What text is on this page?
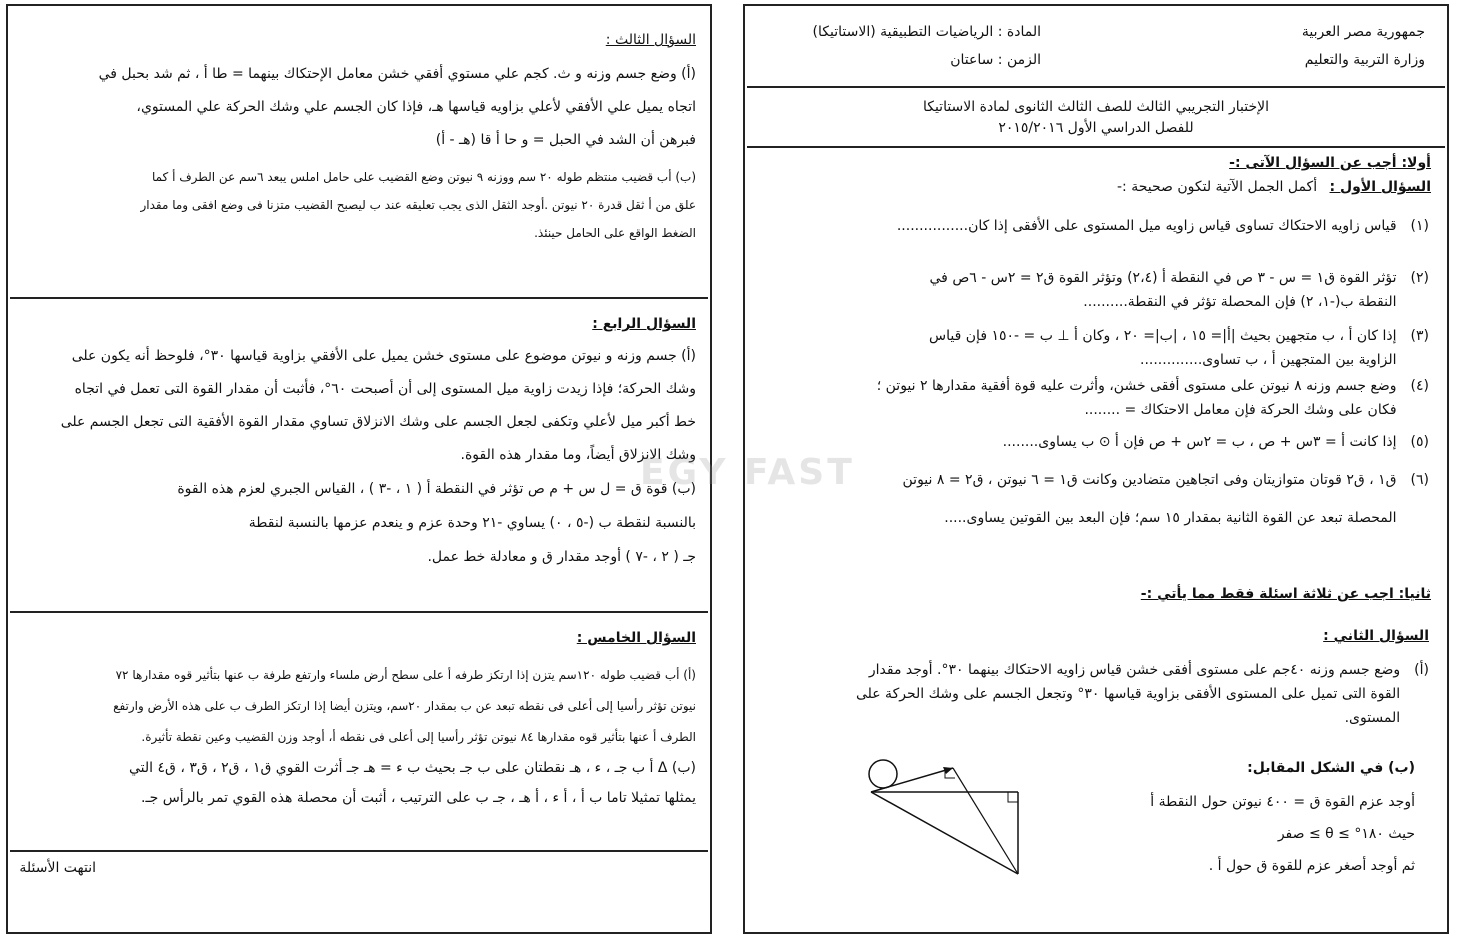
جمهورية مصر العربية
وزارة التربية والتعليم
المادة : الرياضيات التطبيقية (الاستاتيكا)
الزمن : ساعتان
الإختبار التجريبي الثالث للصف الثالث الثانوى لمادة الاستاتيكا
للفصل الدراسي الأول ٢٠١٥/٢٠١٦
أولا: أجب عن السؤال الآتى :-
السؤال الأول : أكمل الجمل الآتية لتكون صحيحة :-
(١)
قياس زاويه الاحتكاك تساوى قياس زاويه ميل المستوى على الأفقى إذا كان................
(٢)
تؤثر القوة ق١ = س - ٣ ص في النقطة أ (٢،٤) وتؤثر القوة ق٢ = ٢س - ٦ص في
النقطة ب(-١، ٢) فإن المحصلة تؤثر في النقطة..........
(٣)
إذا كان أ ، ب متجهين بحيث |أ|= ١٥ ، |ب|= ٢٠ ، وكان أ ⊥ ب = -١٥٠ فإن قياس
الزاوية بين المتجهين أ ، ب تساوى..............
(٤)
وضع جسم وزنه ٨ نيوتن على مستوى أفقى خشن، وأثرت عليه قوة أفقية مقدارها ٢ نيوتن ؛
فكان على وشك الحركة فإن معامل الاحتكاك = ........
(٥)
إذا كانت أ = ٣س + ص ، ب = ٢س + ص فإن أ ⊙ ب يساوى........
(٦)
ق١ ، ق٢ قوتان متوازيتان وفى اتجاهين متضادين وكانت ق١ = ٦ نيوتن ، ق٢ = ٨ نيوتن
المحصلة تبعد عن القوة الثانية بمقدار ١٥ سم؛ فإن البعد بين القوتين يساوى.....
ثانيا: اجب عن ثلاثة اسئلة فقط مما يأتي :-
السؤال الثاني :
(أ)
وضع جسم وزنه ٤٠جم على مستوى أفقى خشن قياس زاويه الاحتكاك بينهما ٣٠°. أوجد مقدار
القوة التى تميل على المستوى الأفقى بزاوية قياسها ٣٠° وتجعل الجسم على وشك الحركة على
المستوى.
(ب) في الشكل المقابل:
أوجد عزم القوة ق = ٤٠٠ نيوتن حول النقطة أ
حيث ١٨٠° ≥ θ ≥ صفر
ثم أوجد أصغر عزم للقوة ق حول أ .
السؤال الثالث :
(أ) وضع جسم وزنه و ث. كجم علي مستوي أفقي خشن معامل الإحتكاك بينهما = طا أ ، ثم شد بحبل في
اتجاه يميل علي الأفقي لأعلي بزاويه قياسها هـ، فإذا كان الجسم علي وشك الحركة علي المستوي،
فبرهن أن الشد في الحبل = و حا أ قا (هـ - أ)
(ب) أب قضيب منتظم طوله ٢٠ سم ووزنه ٩ نيوتن وضع القضيب على حامل املس يبعد ٦سم عن الطرف أ كما
علق من أ ثقل قدرة ٢٠ نيوتن .أوجد الثقل الذى يجب تعليقه عند ب ليصبح القضيب متزنا فى وضع افقى وما مقدار
الضغط الواقع على الحامل حينئذ.
السؤال الرابع :
(أ) جسم وزنه و نيوتن موضوع على مستوى خشن يميل على الأفقي بزاوية قياسها ٣٠°، فلوحظ أنه يكون على
وشك الحركة؛ فإذا زيدت زاوية ميل المستوى إلى أن أصبحت ٦٠°، فأثبت أن مقدار القوة التى تعمل في اتجاه
خط أكبر ميل لأعلي وتكفى لجعل الجسم على وشك الانزلاق تساوي مقدار القوة الأفقية التى تجعل الجسم على
وشك الانزلاق أيضاً، وما مقدار هذه القوة.
(ب) قوة ق = ل س + م ص تؤثر في النقطة أ ( ١ ، -٣ ) ، القياس الجبري لعزم هذه القوة
بالنسبة لنقطة ب (-٥ ، ٠) يساوي -٢١ وحدة عزم و ينعدم عزمها بالنسبة لنقطة
جـ ( ٢ ، -٧ ) أوجد مقدار ق و معادلة خط عمل.
السؤال الخامس :
(أ) أب قضيب طوله ١٢٠سم يتزن إذا ارتكز طرفه أ على سطح أرض ملساء وارتفع طرفة ب عنها بتأثير قوه مقدارها ٧٢
نيوتن تؤثر رأسيا إلى أعلى فى نقطه تبعد عن ب بمقدار ٢٠سم، ويتزن أيضا إذا ارتكز الطرف ب على هذه الأرض وارتفع
الطرف أ عنها بتأثير قوه مقدارها ٨٤ نيوتن تؤثر رأسيا إلى أعلى فى نقطه أ، أوجد وزن القضيب وعين نقطة تأثيرة.
(ب) Δ أ ب جـ ، ء ، هـ نقطتان على ب جـ بحيث ب ء = هـ جـ أثرت القوي ق١ ، ق٢ ، ق٣ ، ق٤ التي
يمثلها تمثيلا تاما ب أ ، أ ء ، أ هـ ، جـ ب على الترتيب ، أثبت أن محصلة هذه القوي تمر بالرأس جـ.
انتهت الأسئلة
EGY FAST
